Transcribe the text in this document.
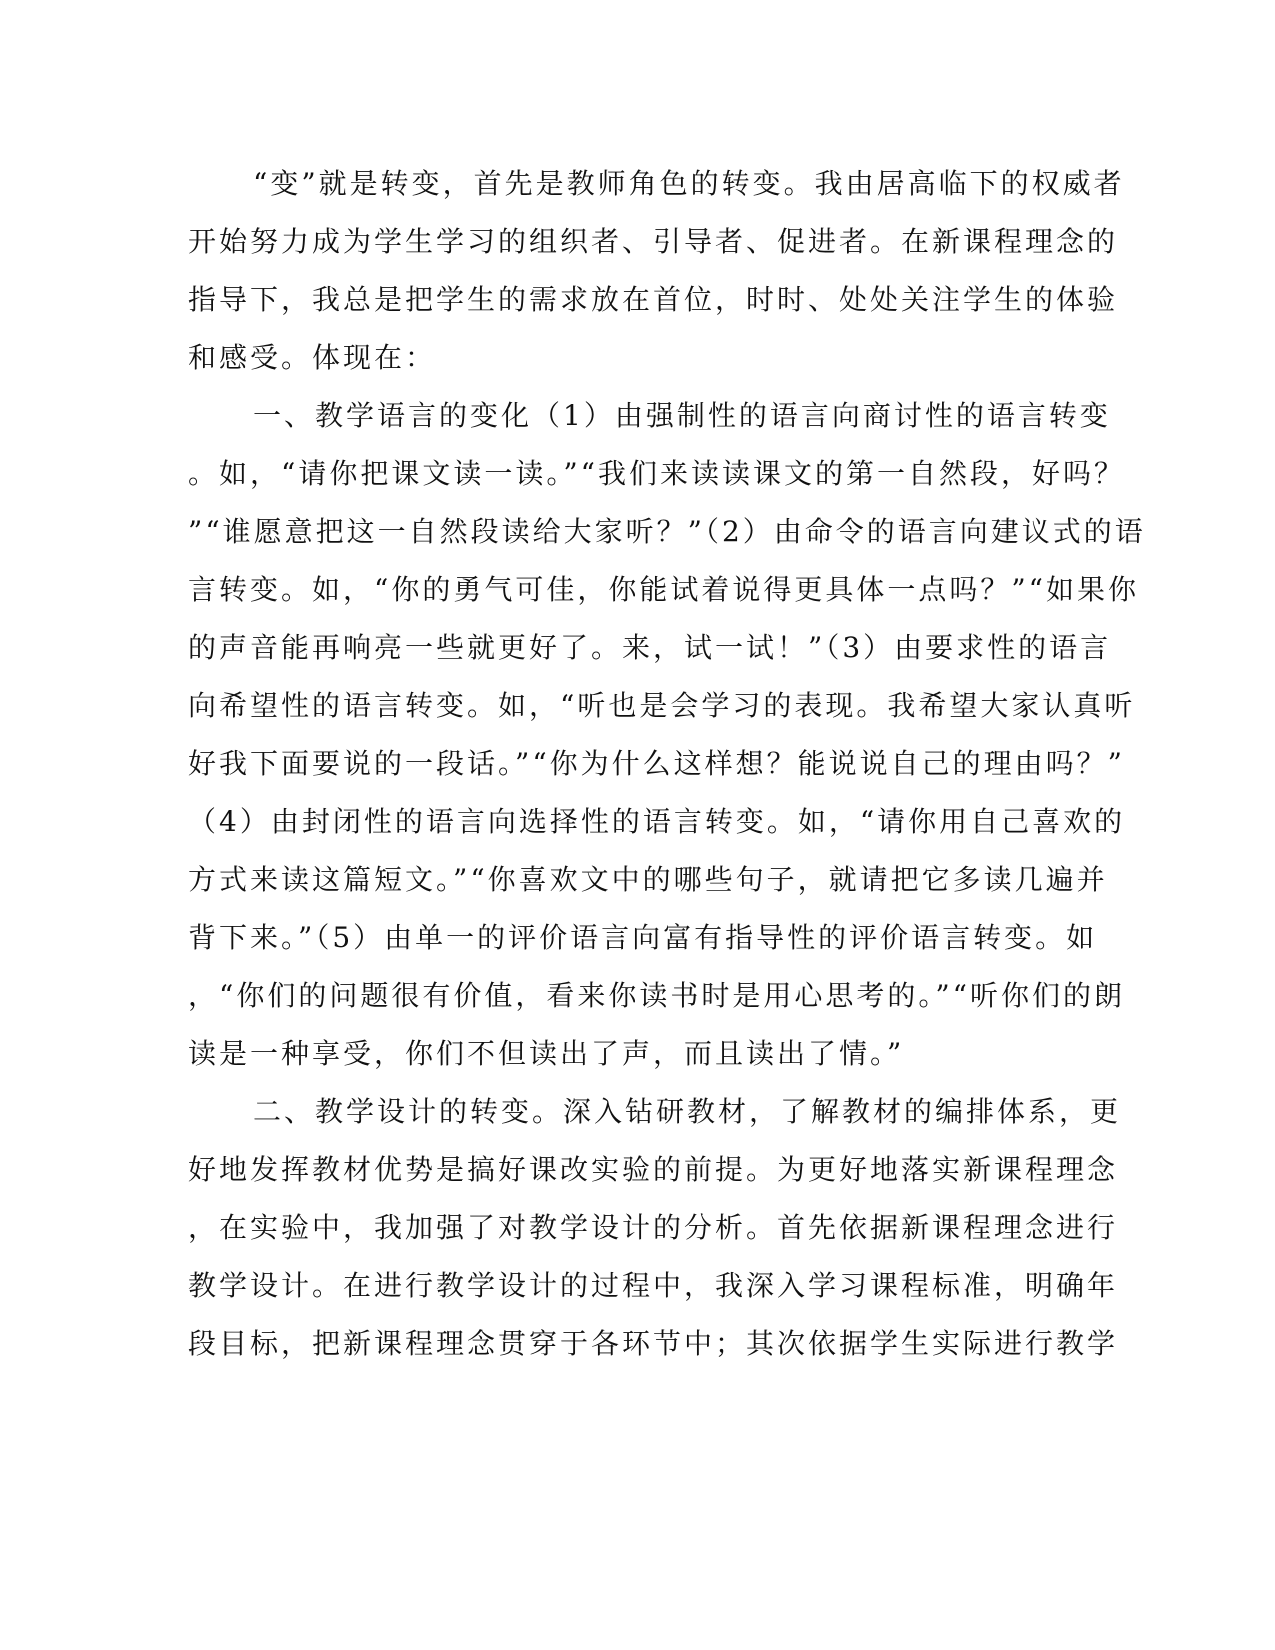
“变”就是转变，首先是教师角色的转变。我由居高临下的权威者
开始努力成为学生学习的组织者、引导者、促进者。在新课程理念的
指导下，我总是把学生的需求放在首位，时时、处处关注学生的体验
和感受。体现在：
一、教学语言的变化（1）由强制性的语言向商讨性的语言转变
。如，“请你把课文读一读。”“我们来读读课文的第一自然段，好吗？
”“谁愿意把这一自然段读给大家听？”（2）由命令的语言向建议式的语
言转变。如，“你的勇气可佳，你能试着说得更具体一点吗？”“如果你
的声音能再响亮一些就更好了。来，试一试！”（3）由要求性的语言
向希望性的语言转变。如，“听也是会学习的表现。我希望大家认真听
好我下面要说的一段话。”“你为什么这样想？能说说自己的理由吗？”
（4）由封闭性的语言向选择性的语言转变。如，“请你用自己喜欢的
方式来读这篇短文。”“你喜欢文中的哪些句子，就请把它多读几遍并
背下来。”（5）由单一的评价语言向富有指导性的评价语言转变。如
，“你们的问题很有价值，看来你读书时是用心思考的。”“听你们的朗
读是一种享受，你们不但读出了声，而且读出了情。”
二、教学设计的转变。深入钻研教材，了解教材的编排体系，更
好地发挥教材优势是搞好课改实验的前提。为更好地落实新课程理念
，在实验中，我加强了对教学设计的分析。首先依据新课程理念进行
教学设计。在进行教学设计的过程中，我深入学习课程标准，明确年
段目标，把新课程理念贯穿于各环节中；其次依据学生实际进行教学
